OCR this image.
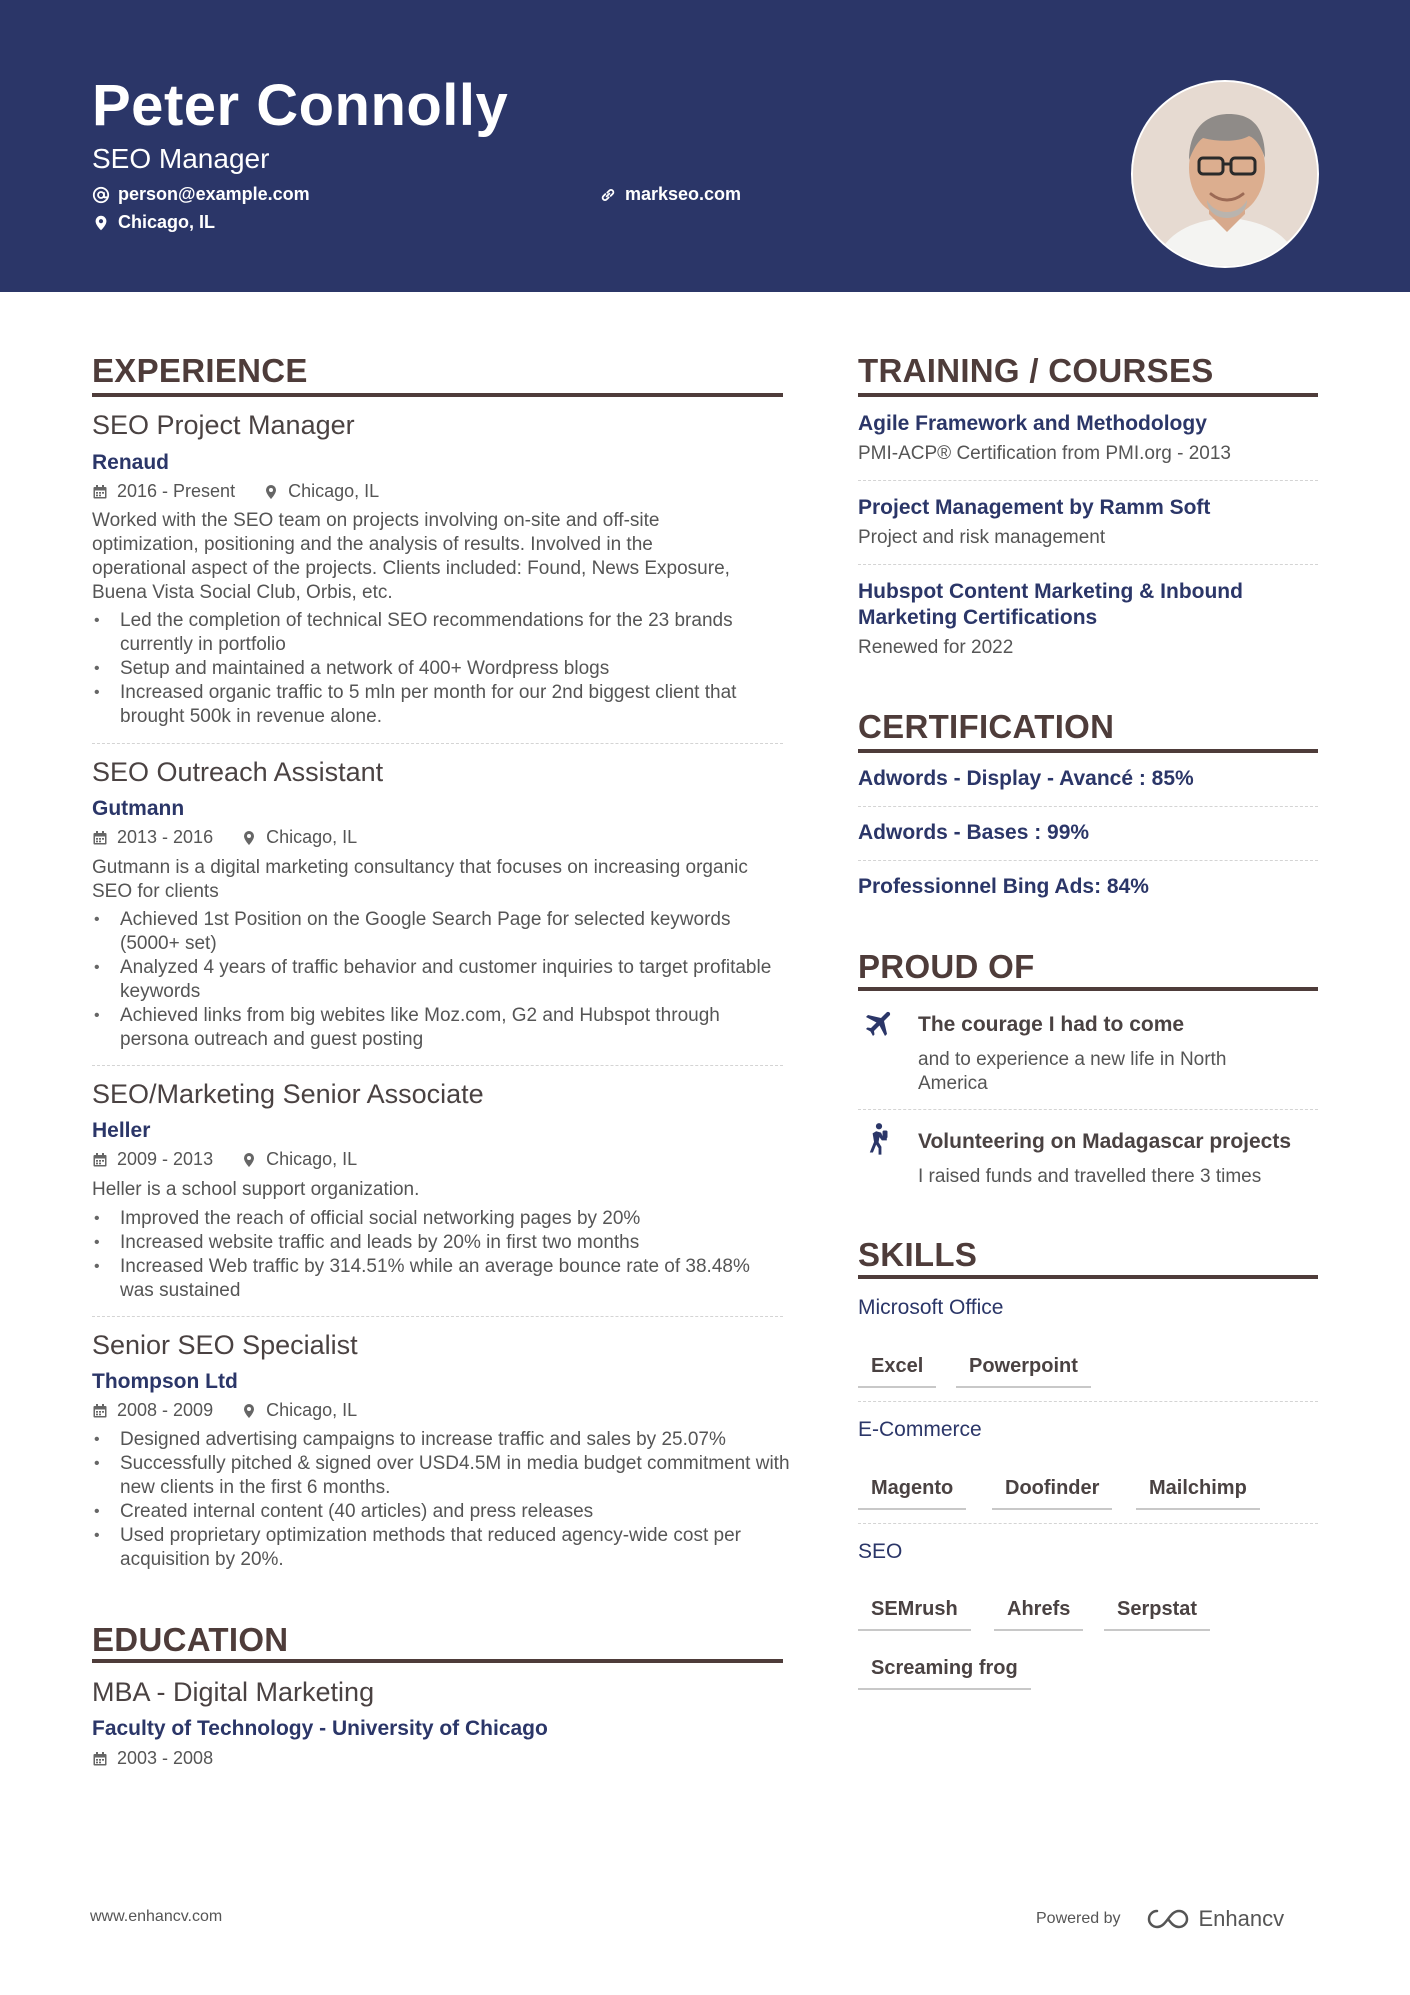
Peter Connolly
SEO Manager
person@example.com	markseo.com
Chicago, IL
EXPERIENCE
SEO Project Manager
Renaud
2016 - Present	Chicago, IL
Worked with the SEO team on projects involving on-site and off-site optimization, positioning and the analysis of results. Involved in the operational aspect of the projects. Clients included: Found, News Exposure, Buena Vista Social Club, Orbis, etc.
• Led the completion of technical SEO recommendations for the 23 brands currently in portfolio
• Setup and maintained a network of 400+ Wordpress blogs
• Increased organic traffic to 5 mln per month for our 2nd biggest client that brought 500k in revenue alone.
SEO Outreach Assistant
Gutmann
2013 - 2016	Chicago, IL
Gutmann is a digital marketing consultancy that focuses on increasing organic SEO for clients
• Achieved 1st Position on the Google Search Page for selected keywords (5000+ set)
• Analyzed 4 years of traffic behavior and customer inquiries to target profitable keywords
• Achieved links from big webites like Moz.com, G2 and Hubspot through persona outreach and guest posting
SEO/Marketing Senior Associate
Heller
2009 - 2013	Chicago, IL
Heller is a school support organization.
• Improved the reach of official social networking pages by 20%
• Increased website traffic and leads by 20% in first two months
• Increased Web traffic by 314.51% while an average bounce rate of 38.48% was sustained
Senior SEO Specialist
Thompson Ltd
2008 - 2009	Chicago, IL
• Designed advertising campaigns to increase traffic and sales by 25.07%
• Successfully pitched & signed over USD4.5M in media budget commitment with new clients in the first 6 months.
• Created internal content (40 articles) and press releases
• Used proprietary optimization methods that reduced agency-wide cost per acquisition by 20%.
EDUCATION
MBA - Digital Marketing
Faculty of Technology - University of Chicago
2003 - 2008
TRAINING / COURSES
Agile Framework and Methodology
PMI-ACP® Certification from PMI.org - 2013
Project Management by Ramm Soft
Project and risk management
Hubspot Content Marketing & Inbound Marketing Certifications
Renewed for 2022
CERTIFICATION
Adwords - Display - Avancé : 85%
Adwords - Bases : 99%
Professionnel Bing Ads: 84%
PROUD OF
The courage I had to come
and to experience a new life in North America
Volunteering on Madagascar projects
I raised funds and travelled there 3 times
SKILLS
Microsoft Office
Excel	Powerpoint
E-Commerce
Magento	Doofinder	Mailchimp
SEO
SEMrush	Ahrefs	Serpstat
Screaming frog
www.enhancv.com	Powered by	Enhancv
